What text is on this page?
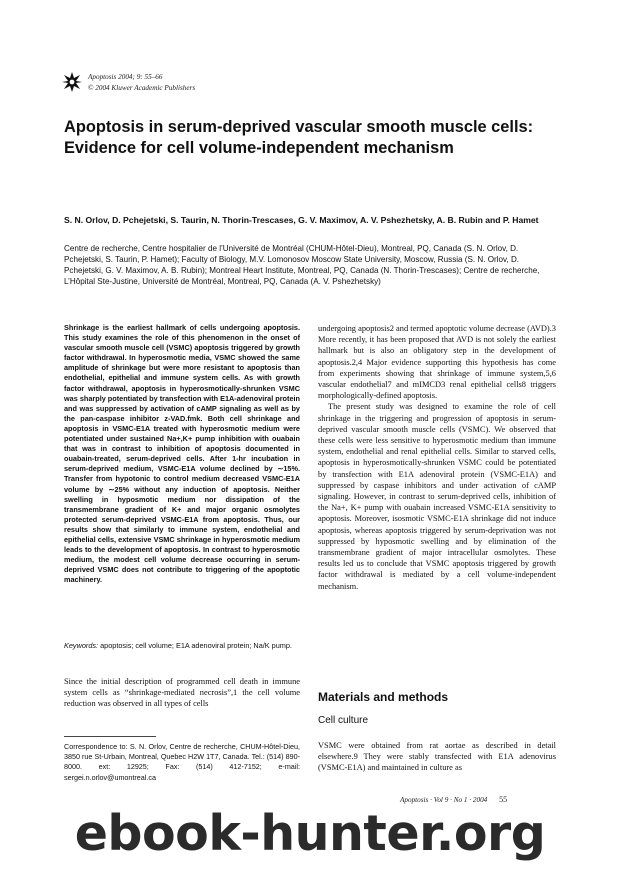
Apoptosis 2004; 9: 55–66
© 2004 Kluwer Academic Publishers
Apoptosis in serum-deprived vascular smooth muscle cells: Evidence for cell volume-independent mechanism
S. N. Orlov, D. Pchejetski, S. Taurin, N. Thorin-Trescases, G. V. Maximov, A. V. Pshezhetsky, A. B. Rubin and P. Hamet
Centre de recherche, Centre hospitalier de l’Université de Montréal (CHUM-Hôtel-Dieu), Montreal, PQ, Canada (S. N. Orlov, D. Pchejetski, S. Taurin, P. Hamet); Faculty of Biology, M.V. Lomonosov Moscow State University, Moscow, Russia (S. N. Orlov, D. Pchejetski, G. V. Maximov, A. B. Rubin); Montreal Heart Institute, Montreal, PQ, Canada (N. Thorin-Trescases); Centre de recherche, L’Hôpital Ste-Justine, Université de Montréal, Montreal, PQ, Canada (A. V. Pshezhetsky)
Shrinkage is the earliest hallmark of cells undergoing apoptosis. This study examines the role of this phenomenon in the onset of vascular smooth muscle cell (VSMC) apoptosis triggered by growth factor withdrawal. In hyperosmotic media, VSMC showed the same amplitude of shrinkage but were more resistant to apoptosis than endothelial, epithelial and immune system cells. As with growth factor withdrawal, apoptosis in hyperosmotically-shrunken VSMC was sharply potentiated by transfection with E1A-adenoviral protein and was suppressed by activation of cAMP signaling as well as by the pan-caspase inhibitor z-VAD.fmk. Both cell shrinkage and apoptosis in VSMC-E1A treated with hyperosmotic medium were potentiated under sustained Na+,K+ pump inhibition with ouabain that was in contrast to inhibition of apoptosis documented in ouabain-treated, serum-deprived cells. After 1-hr incubation in serum-deprived medium, VSMC-E1A volume declined by ∼15%. Transfer from hypotonic to control medium decreased VSMC-E1A volume by ∼25% without any induction of apoptosis. Neither swelling in hyposmotic medium nor dissipation of the transmembrane gradient of K+ and major organic osmolytes protected serum-deprived VSMC-E1A from apoptosis. Thus, our results show that similarly to immune system, endothelial and epithelial cells, extensive VSMC shrinkage in hyperosmotic medium leads to the development of apoptosis. In contrast to hyperosmotic medium, the modest cell volume decrease occurring in serum-deprived VSMC does not contribute to triggering of the apoptotic machinery.
Keywords: apoptosis; cell volume; E1A adenoviral protein; Na/K pump.
Since the initial description of programmed cell death in immune system cells as “shrinkage-mediated necrosis”,1 the cell volume reduction was observed in all types of cells
Correspondence to: S. N. Orlov, Centre de recherche, CHUM-Hôtel-Dieu, 3850 rue St-Urbain, Montreal, Quebec H2W 1T7, Canada. Tel.: (514) 890-8000. ext: 12925; Fax: (514) 412-7152; e-mail: sergei.n.orlov@umontreal.ca

undergoing apoptosis2 and termed apoptotic volume decrease (AVD).3 More recently, it has been proposed that AVD is not solely the earliest hallmark but is also an obligatory step in the development of apoptosis.2,4 Major evidence supporting this hypothesis has come from experiments showing that shrinkage of immune system,5,6 vascular endothelial7 and mIMCD3 renal epithelial cells8 triggers morphologically-defined apoptosis.

The present study was designed to examine the role of cell shrinkage in the triggering and progression of apoptosis in serum-deprived vascular smooth muscle cells (VSMC). We observed that these cells were less sensitive to hyperosmotic medium than immune system, endothelial and renal epithelial cells. Similar to starved cells, apoptosis in hyperosmotically-shrunken VSMC could be potentiated by transfection with E1A adenoviral protein (VSMC-E1A) and suppressed by caspase inhibitors and under activation of cAMP signaling. However, in contrast to serum-deprived cells, inhibition of the Na+, K+ pump with ouabain increased VSMC-E1A sensitivity to apoptosis. Moreover, isosmotic VSMC-E1A shrinkage did not induce apoptosis, whereas apoptosis triggered by serum-deprivation was not suppressed by hyposmotic swelling and by elimination of the transmembrane gradient of major intracellular osmolytes. These results led us to conclude that VSMC apoptosis triggered by growth factor withdrawal is mediated by a cell volume-independent mechanism.

Materials and methods
Cell culture
VSMC were obtained from rat aortae as described in detail elsewhere.9 They were stably transfected with E1A adenovirus (VSMC-E1A) and maintained in culture as
Apoptosis · Vol 9 · No 1 · 2004 55
ebook-hunter.org
